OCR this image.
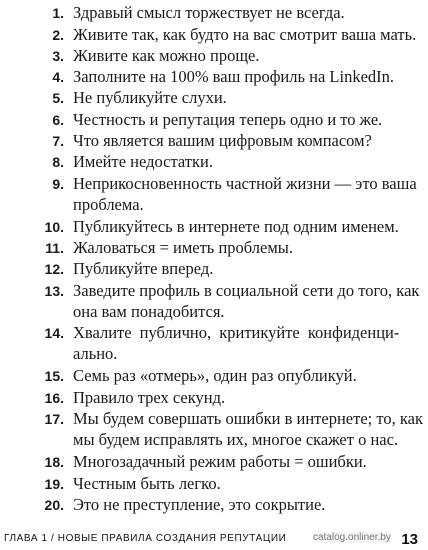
1. Здравый смысл торжествует не всегда.
2. Живите так, как будто на вас смотрит ваша мать.
3. Живите как можно проще.
4. Заполните на 100% ваш профиль на LinkedIn.
5. Не публикуйте слухи.
6. Честность и репутация теперь одно и то же.
7. Что является вашим цифровым компасом?
8. Имейте недостатки.
9. Неприкосновенность частной жизни — это ваша
проблема.
10. Публикуйтесь в интернете под одним именем.
11. Жаловаться = иметь проблемы.
12. Публикуйте вперед.
13. Заведите профиль в социальной сети до того, как
она вам понадобится.
14. Хвалите публично, критикуйте конфиденци-
ально.
15. Семь раз «отмерь», один раз опубликуй.
16. Правило трех секунд.
17. Мы будем совершать ошибки в интернете; то, как
мы будем исправлять их, многое скажет о нас.
18. Многозадачный режим работы = ошибки.
19. Честным быть легко.
20. Это не преступление, это сокрытие.
ГЛАВА 1 / НОВЫЕ ПРАВИЛА СОЗДАНИЯ РЕПУТАЦИИ	catalog.onliner.by 13
